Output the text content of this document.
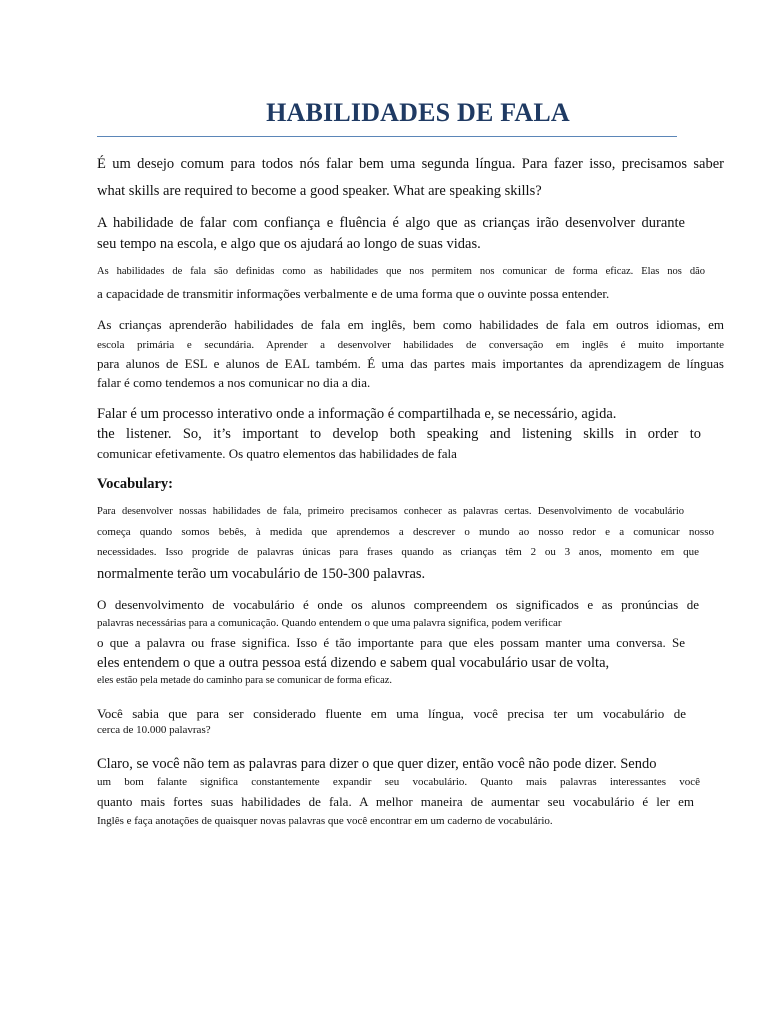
HABILIDADES DE FALA
É um desejo comum para todos nós falar bem uma segunda língua. Para fazer isso, precisamos saber
what skills are required to become a good speaker. What are speaking skills?
A habilidade de falar com confiança e fluência é algo que as crianças irão desenvolver durante
seu tempo na escola, e algo que os ajudará ao longo de suas vidas.
As habilidades de fala são definidas como as habilidades que nos permitem nos comunicar de forma eficaz. Elas nos dão
a capacidade de transmitir informações verbalmente e de uma forma que o ouvinte possa entender.
As crianças aprenderão habilidades de fala em inglês, bem como habilidades de fala em outros idiomas, em
escola primária e secundária. Aprender a desenvolver habilidades de conversação em inglês é muito importante
para alunos de ESL e alunos de EAL também. É uma das partes mais importantes da aprendizagem de línguas
falar é como tendemos a nos comunicar no dia a dia.
Falar é um processo interativo onde a informação é compartilhada e, se necessário, agida.
the listener. So, it’s important to develop both speaking and listening skills in order to
comunicar efetivamente. Os quatro elementos das habilidades de fala
Vocabulary:
Para desenvolver nossas habilidades de fala, primeiro precisamos conhecer as palavras certas. Desenvolvimento de vocabulário
começa quando somos bebês, à medida que aprendemos a descrever o mundo ao nosso redor e a comunicar nosso
necessidades. Isso progride de palavras únicas para frases quando as crianças têm 2 ou 3 anos, momento em que
normalmente terão um vocabulário de 150-300 palavras.
O desenvolvimento de vocabulário é onde os alunos compreendem os significados e as pronúncias de
palavras necessárias para a comunicação. Quando entendem o que uma palavra significa, podem verificar
o que a palavra ou frase significa. Isso é tão importante para que eles possam manter uma conversa. Se
eles entendem o que a outra pessoa está dizendo e sabem qual vocabulário usar de volta,
eles estão pela metade do caminho para se comunicar de forma eficaz.
Você sabia que para ser considerado fluente em uma língua, você precisa ter um vocabulário de
cerca de 10.000 palavras?
Claro, se você não tem as palavras para dizer o que quer dizer, então você não pode dizer. Sendo
um bom falante significa constantemente expandir seu vocabulário. Quanto mais palavras interessantes você
quanto mais fortes suas habilidades de fala. A melhor maneira de aumentar seu vocabulário é ler em
Inglês e faça anotações de quaisquer novas palavras que você encontrar em um caderno de vocabulário.
